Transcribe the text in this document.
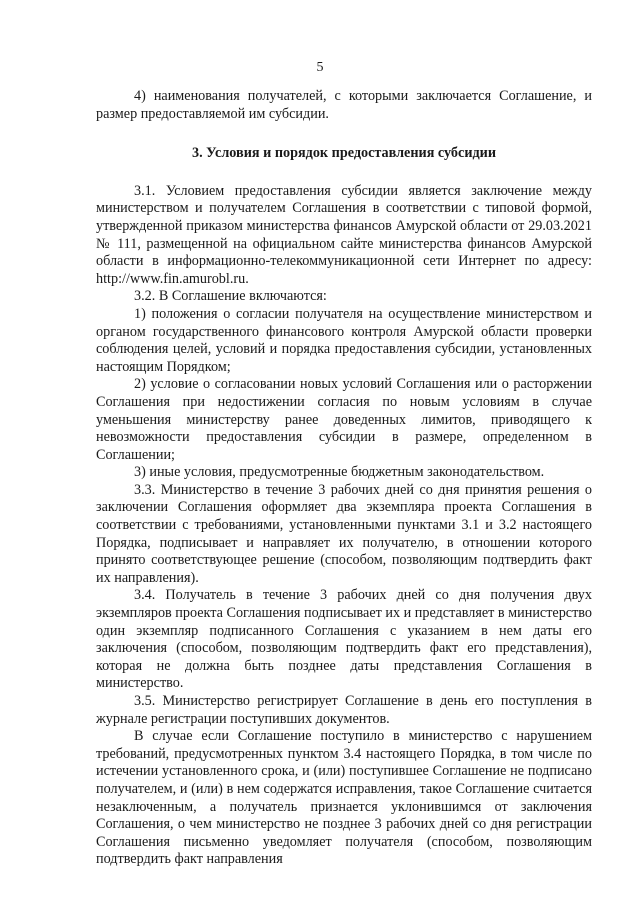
5

4) наименования получателей, с которыми заключается Соглашение, и размер предоставляемой им субсидии.

3. Условия и порядок предоставления субсидии

3.1. Условием предоставления субсидии является заключение между министерством и получателем Соглашения в соответствии с типовой формой, утвержденной приказом министерства финансов Амурской области от 29.03.2021 № 111, размещенной на официальном сайте министерства финансов Амурской области в информационно-телекоммуникационной сети Интернет по адресу: http://www.fin.amurobl.ru.

3.2. В Соглашение включаются:

1) положения о согласии получателя на осуществление министерством и органом государственного финансового контроля Амурской области проверки соблюдения целей, условий и порядка предоставления субсидии, установленных настоящим Порядком;

2) условие о согласовании новых условий Соглашения или о расторжении Соглашения при недостижении согласия по новым условиям в случае уменьшения министерству ранее доведенных лимитов, приводящего к невозможности предоставления субсидии в размере, определенном в Соглашении;

3) иные условия, предусмотренные бюджетным законодательством.

3.3. Министерство в течение 3 рабочих дней со дня принятия решения о заключении Соглашения оформляет два экземпляра проекта Соглашения в соответствии с требованиями, установленными пунктами 3.1 и 3.2 настоящего Порядка, подписывает и направляет их получателю, в отношении которого принято соответствующее решение (способом, позволяющим подтвердить факт их направления).

3.4. Получатель в течение 3 рабочих дней со дня получения двух экземпляров проекта Соглашения подписывает их и представляет в министерство один экземпляр подписанного Соглашения с указанием в нем даты его заключения (способом, позволяющим подтвердить факт его представления), которая не должна быть позднее даты представления Соглашения в министерство.

3.5. Министерство регистрирует Соглашение в день его поступления в журнале регистрации поступивших документов.

В случае если Соглашение поступило в министерство с нарушением требований, предусмотренных пунктом 3.4 настоящего Порядка, в том числе по истечении установленного срока, и (или) поступившее Соглашение не подписано получателем, и (или) в нем содержатся исправления, такое Соглашение считается незаключенным, а получатель признается уклонившимся от заключения Соглашения, о чем министерство не позднее 3 рабочих дней со дня регистрации Соглашения письменно уведомляет получателя (способом, позволяющим подтвердить факт направления
